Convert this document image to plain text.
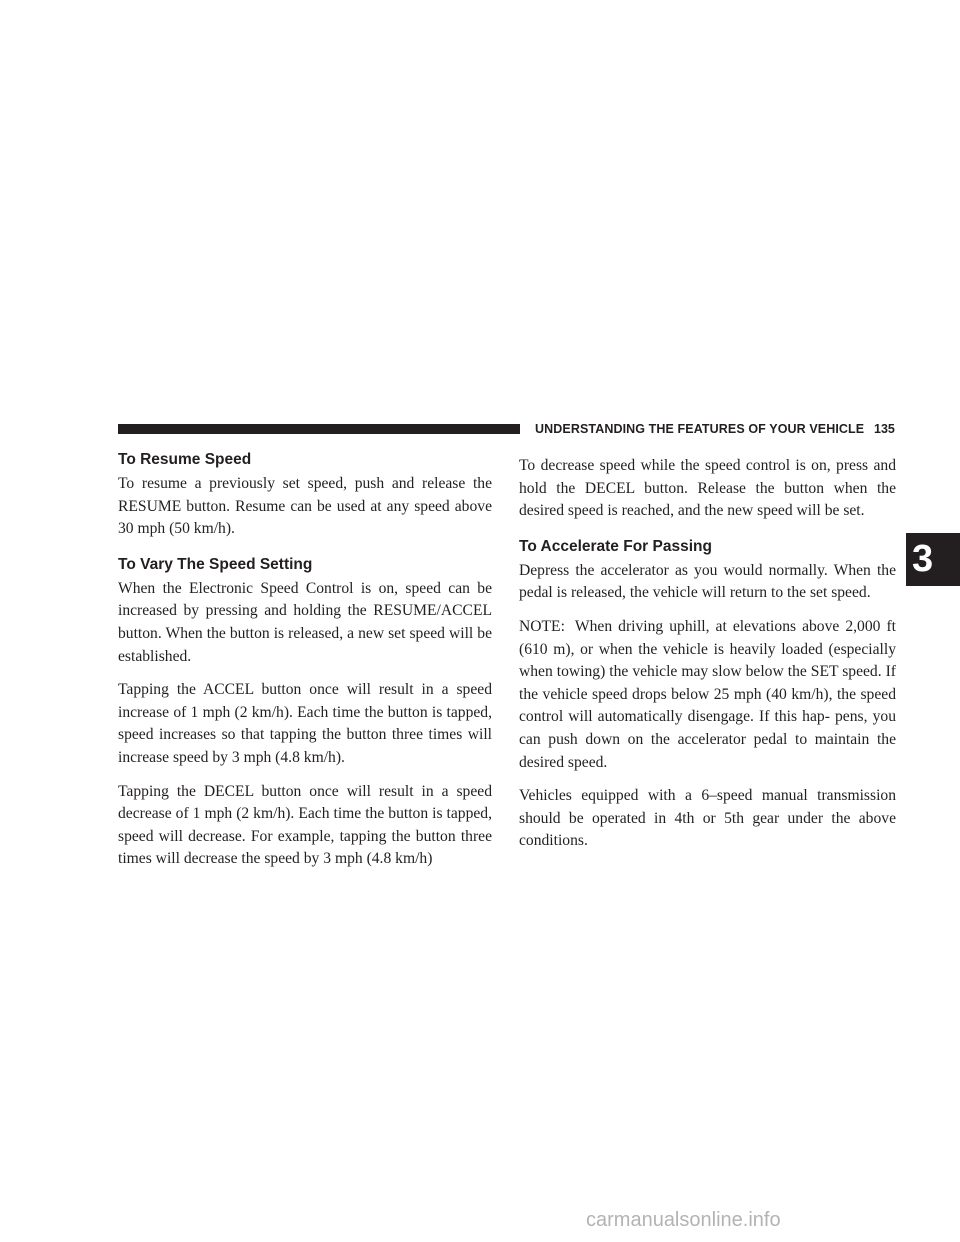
UNDERSTANDING THE FEATURES OF YOUR VEHICLE 135
3
To Resume Speed

To resume a previously set speed, push and release the RESUME button. Resume can be used at any speed above 30 mph (50 km/h).

To Vary The Speed Setting

When the Electronic Speed Control is on, speed can be increased by pressing and holding the RESUME/ACCEL button. When the button is released, a new set speed will be established.

Tapping the ACCEL button once will result in a speed increase of 1 mph (2 km/h). Each time the button is tapped, speed increases so that tapping the button three times will increase speed by 3 mph (4.8 km/h).

Tapping the DECEL button once will result in a speed decrease of 1 mph (2 km/h). Each time the button is tapped, speed will decrease. For example, tapping the button three times will decrease the speed by 3 mph (4.8 km/h)

To decrease speed while the speed control is on, press and hold the DECEL button. Release the button when the desired speed is reached, and the new speed will be set.

To Accelerate For Passing

Depress the accelerator as you would normally. When the pedal is released, the vehicle will return to the set speed.

NOTE: When driving uphill, at elevations above 2,000 ft (610 m), or when the vehicle is heavily loaded (especially when towing) the vehicle may slow below the SET speed. If the vehicle speed drops below 25 mph (40 km/h), the speed control will automatically disengage. If this hap- pens, you can push down on the accelerator pedal to maintain the desired speed.

Vehicles equipped with a 6–speed manual transmission should be operated in 4th or 5th gear under the above conditions.

carmanualsonline.info
